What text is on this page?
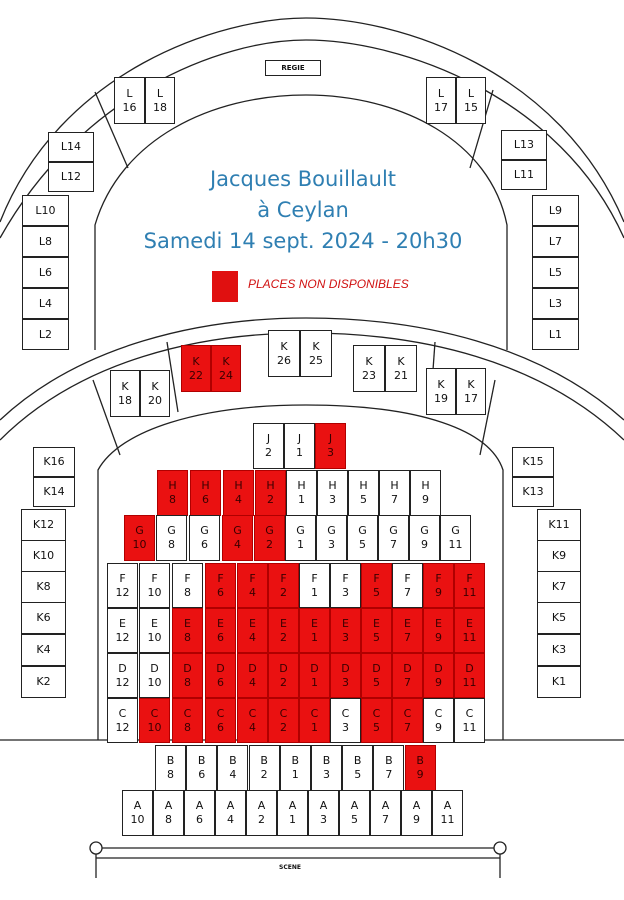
REGIE
SCENE
Jacques Bouillault
à Ceylan
Samedi 14 sept. 2024 - 20h30
PLACES NON DISPONIBLES
L
16
L
18
L
17
L
15
L14
L12
L13
L11
L10
L8
L6
L4
L2
L9
L7
L5
L3
L1
K
22
K
24
K
26
K
25	K
23
K
21
K
18
K
20
K
19
K
17
K16
K14
K15
K13
K12
K10
K8
K6
K4
K2
K11
K9
K7
K5
K3
K1
J
2
J
1
J
3
H
8
H
6
H
4
H
2
H
1
H
3
H
5
H
7
H
9
G
10
G
8
G
6
G
4
G
2
G
1
G
3
G
5
G
7
G
9
G
11
F
12
F
10
F
8
F
6
F
4
F
2
F
1
F
3
F
5
F
7
F
9
F
11
E
12
E
10
E
8
E
6
E
4
E
2
E
1
E
3
E
5
E
7
E
9
E
11
D
12
D
10
D
8
D
6
D
4
D
2
D
1
D
3
D
5
D
7
D
9
D
11
C
12
C
10
C
8
C
6
C
4
C
2
C
1
C
3
C
5
C
7
C
9
C
11
B
8
B
6
B
4
B
2
B
1
B
3
B
5
B
7
B
9
A
10
A
8
A
6
A
4
A
2
A
1
A
3
A
5
A
7
A
9
A
11
